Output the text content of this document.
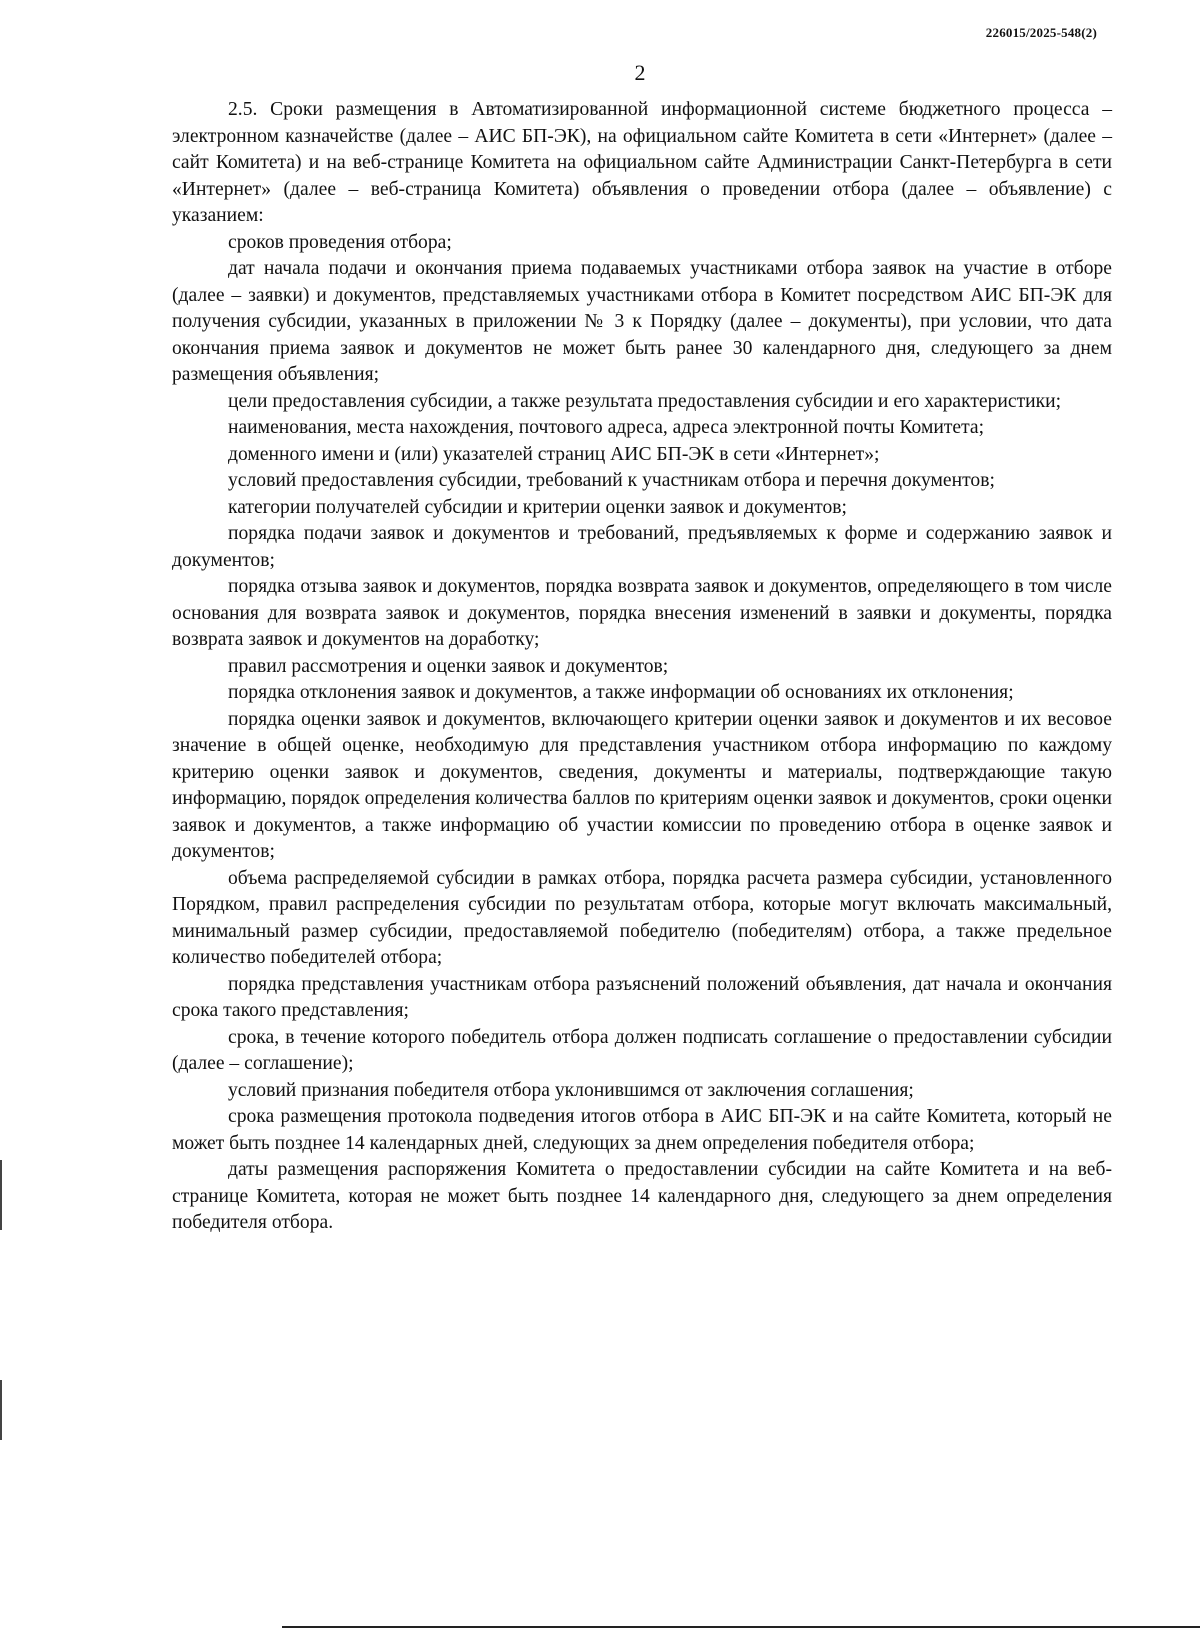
226015/2025-548(2)
2

2.5. Сроки размещения в Автоматизированной информационной системе бюджетного процесса – электронном казначействе (далее – АИС БП-ЭК), на официальном сайте Комитета в сети «Интернет» (далее – сайт Комитета) и на веб-странице Комитета на официальном сайте Администрации Санкт-Петербурга в сети «Интернет» (далее – веб-страница Комитета) объявления о проведении отбора (далее – объявление) с указанием:

сроков проведения отбора;

дат начала подачи и окончания приема подаваемых участниками отбора заявок на участие в отборе (далее – заявки) и документов, представляемых участниками отбора в Комитет посредством АИС БП-ЭК для получения субсидии, указанных в приложении № 3 к Порядку (далее – документы), при условии, что дата окончания приема заявок и документов не может быть ранее 30 календарного дня, следующего за днем размещения объявления;

цели предоставления субсидии, а также результата предоставления субсидии и его характеристики;

наименования, места нахождения, почтового адреса, адреса электронной почты Комитета;

доменного имени и (или) указателей страниц АИС БП-ЭК в сети «Интернет»;

условий предоставления субсидии, требований к участникам отбора и перечня документов;

категории получателей субсидии и критерии оценки заявок и документов;

порядка подачи заявок и документов и требований, предъявляемых к форме и содержанию заявок и документов;

порядка отзыва заявок и документов, порядка возврата заявок и документов, определяющего в том числе основания для возврата заявок и документов, порядка внесения изменений в заявки и документы, порядка возврата заявок и документов на доработку;

правил рассмотрения и оценки заявок и документов;

порядка отклонения заявок и документов, а также информации об основаниях их отклонения;

порядка оценки заявок и документов, включающего критерии оценки заявок и документов и их весовое значение в общей оценке, необходимую для представления участником отбора информацию по каждому критерию оценки заявок и документов, сведения, документы и материалы, подтверждающие такую информацию, порядок определения количества баллов по критериям оценки заявок и документов, сроки оценки заявок и документов, а также информацию об участии комиссии по проведению отбора в оценке заявок и документов;

объема распределяемой субсидии в рамках отбора, порядка расчета размера субсидии, установленного Порядком, правил распределения субсидии по результатам отбора, которые могут включать максимальный, минимальный размер субсидии, предоставляемой победителю (победителям) отбора, а также предельное количество победителей отбора;

порядка представления участникам отбора разъяснений положений объявления, дат начала и окончания срока такого представления;

срока, в течение которого победитель отбора должен подписать соглашение о предоставлении субсидии (далее – соглашение);

условий признания победителя отбора уклонившимся от заключения соглашения;

срока размещения протокола подведения итогов отбора в АИС БП-ЭК и на сайте Комитета, который не может быть позднее 14 календарных дней, следующих за днем определения победителя отбора;

даты размещения распоряжения Комитета о предоставлении субсидии на сайте Комитета и на веб-странице Комитета, которая не может быть позднее 14 календарного дня, следующего за днем определения победителя отбора.
